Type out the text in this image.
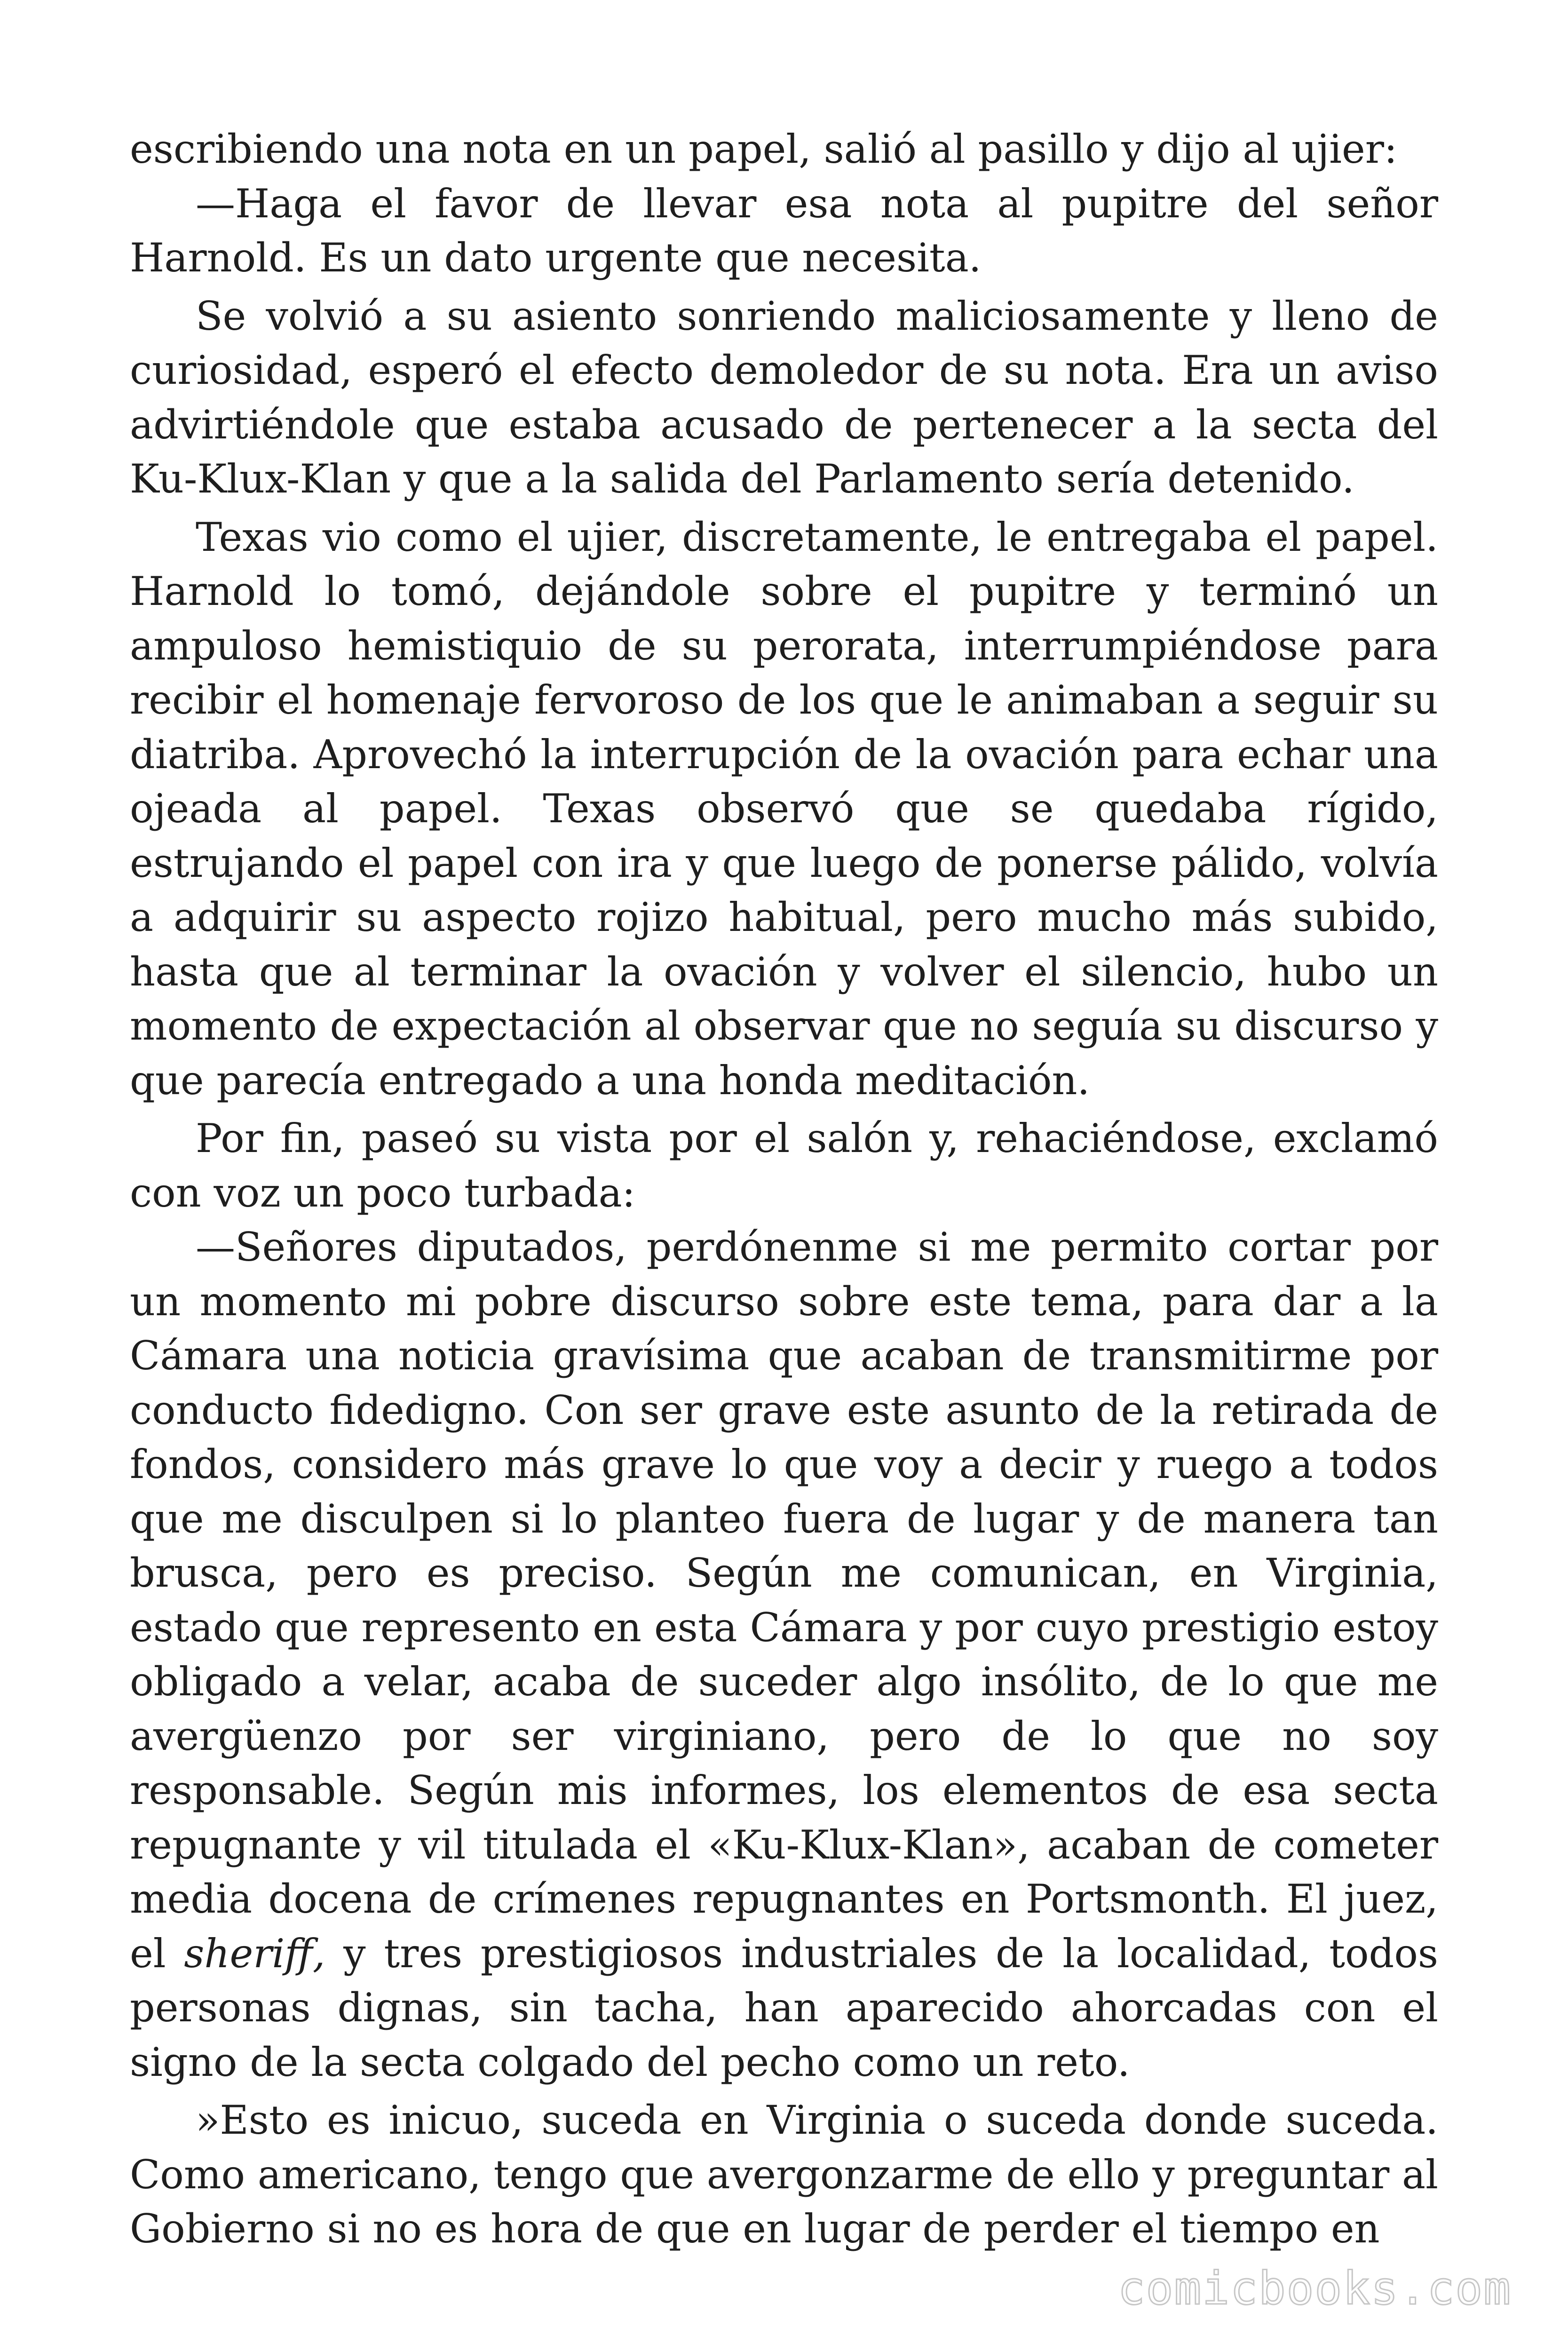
escribiendo una nota en un papel, salió al pasillo y dijo al ujier:

—Haga el favor de llevar esa nota al pupitre del señor Harnold. Es un dato urgente que necesita.

Se volvió a su asiento sonriendo maliciosamente y lleno de curiosidad, esperó el efecto demoledor de su nota. Era un aviso advirtiéndole que estaba acusado de pertenecer a la secta del Ku-Klux-Klan y que a la salida del Parlamento sería detenido.

Texas vio como el ujier, discretamente, le entregaba el papel. Harnold lo tomó, dejándole sobre el pupitre y terminó un ampuloso hemistiquio de su perorata, interrumpiéndose para recibir el homenaje fervoroso de los que le animaban a seguir su diatriba. Aprovechó la interrupción de la ovación para echar una ojeada al papel. Texas observó que se quedaba rígido, estrujando el papel con ira y que luego de ponerse pálido, volvía a adquirir su aspecto rojizo habitual, pero mucho más subido, hasta que al terminar la ovación y volver el silencio, hubo un momento de expectación al observar que no seguía su discurso y que parecía entregado a una honda meditación.

Por fin, paseó su vista por el salón y, rehaciéndose, exclamó con voz un poco turbada:

—Señores diputados, perdónenme si me permito cortar por un momento mi pobre discurso sobre este tema, para dar a la Cámara una noticia gravísima que acaban de transmitirme por conducto fidedigno. Con ser grave este asunto de la retirada de fondos, considero más grave lo que voy a decir y ruego a todos que me disculpen si lo planteo fuera de lugar y de manera tan brusca, pero es preciso. Según me comunican, en Virginia, estado que represento en esta Cámara y por cuyo prestigio estoy obligado a velar, acaba de suceder algo insólito, de lo que me avergüenzo por ser virginiano, pero de lo que no soy responsable. Según mis informes, los elementos de esa secta repugnante y vil titulada el «Ku-Klux-Klan», acaban de cometer media docena de crímenes repugnantes en Portsmonth. El juez, el sheriff, y tres prestigiosos industriales de la localidad, todos personas dignas, sin tacha, han aparecido ahorcadas con el signo de la secta colgado del pecho como un reto.

»Esto es inicuo, suceda en Virginia o suceda donde suceda. Como americano, tengo que avergonzarme de ello y preguntar al Gobierno si no es hora de que en lugar de perder el tiempo en

comicbooks.com
